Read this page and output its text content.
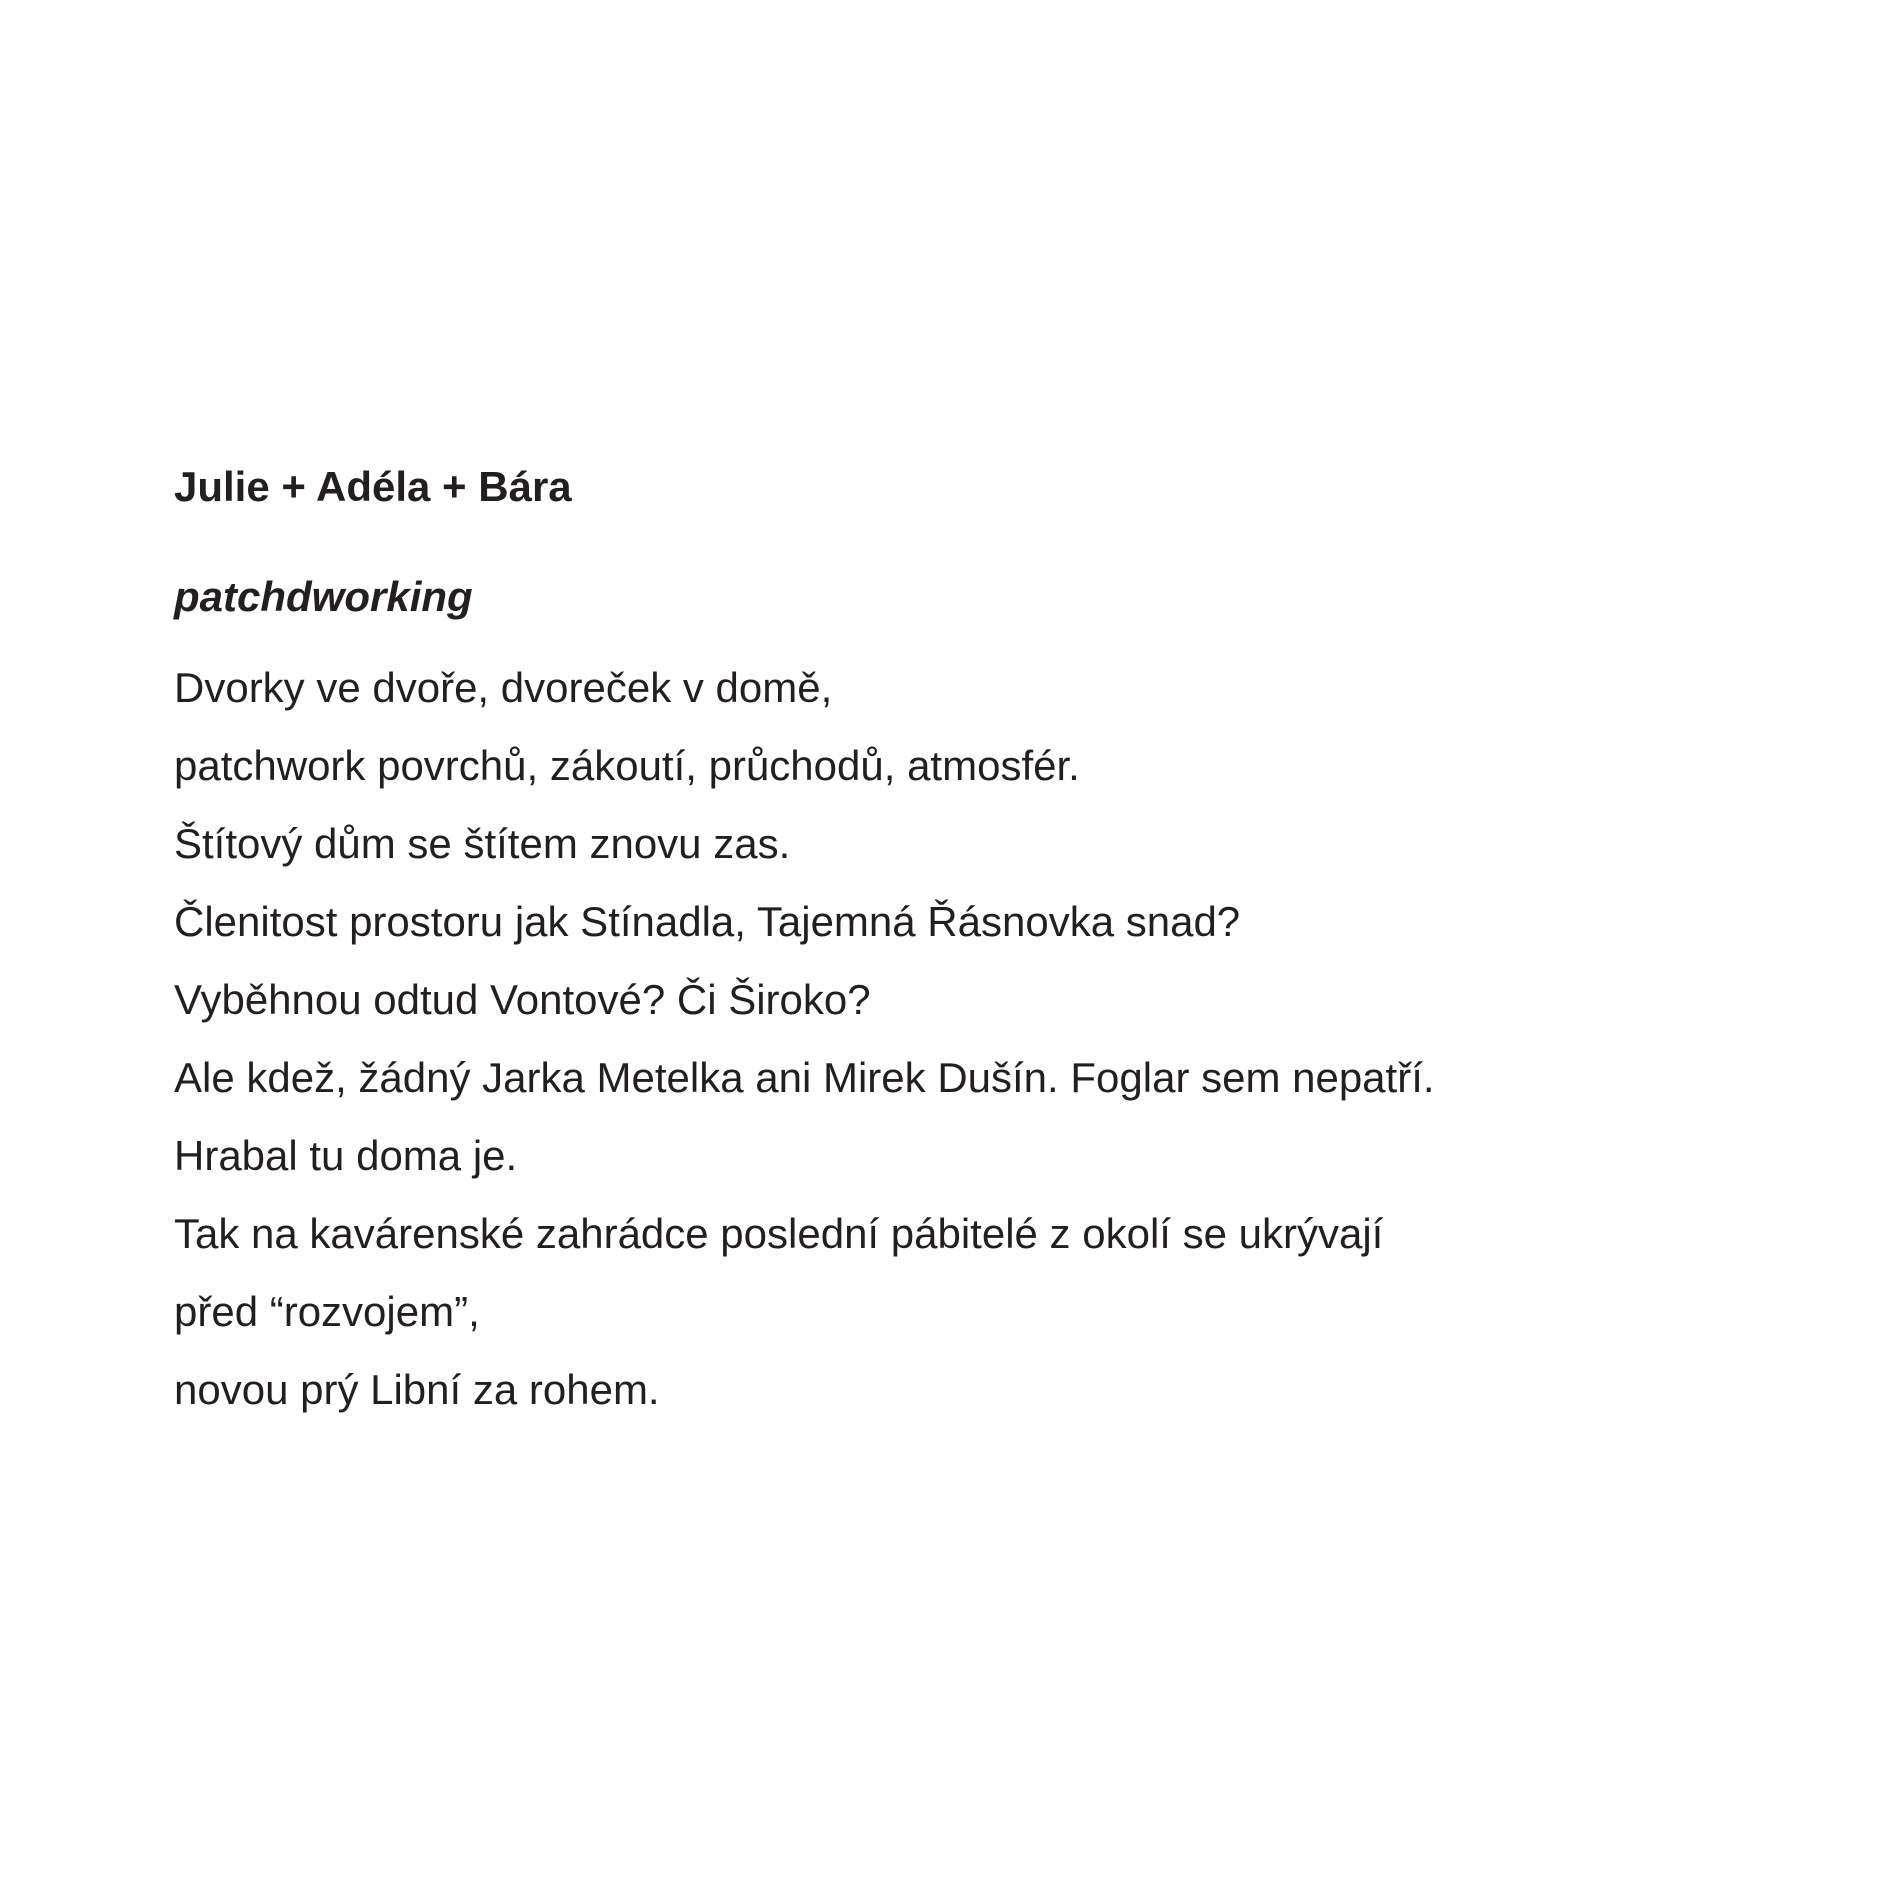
Julie + Adéla + Bára

patchdworking

Dvorky ve dvoře, dvoreček v domě,

patchwork povrchů, zákoutí, průchodů, atmosfér.

Štítový dům se štítem znovu zas.

Členitost prostoru jak Stínadla, Tajemná Řásnovka snad?

Vyběhnou odtud Vontové? Či Široko?

Ale kdež, žádný Jarka Metelka ani Mirek Dušín. Foglar sem nepatří.

Hrabal tu doma je.

Tak na kavárenské zahrádce poslední pábitelé z okolí se ukrývají

před “rozvojem”,

novou prý Libní za rohem.
